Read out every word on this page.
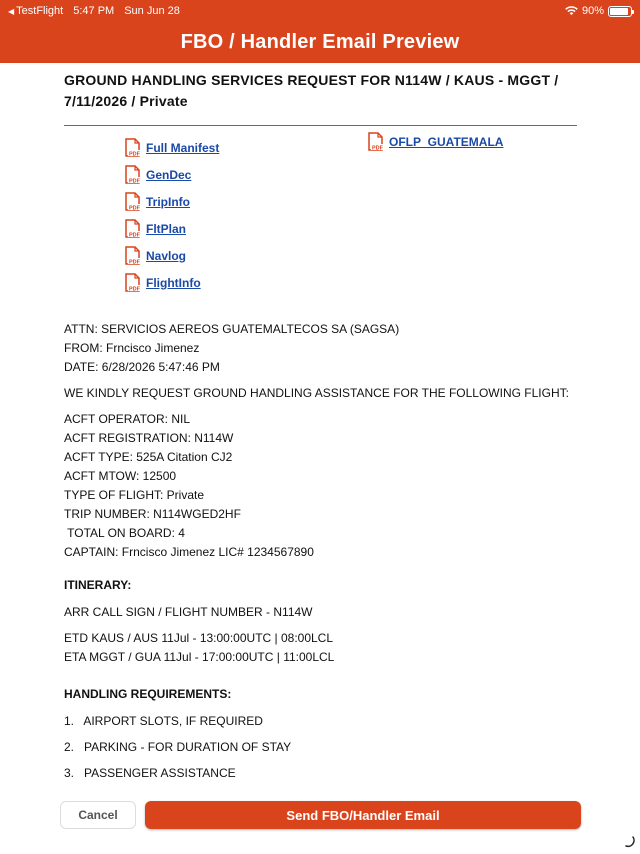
◀ TestFlight 5:47 PM Sun Jun 28	90%
FBO / Handler Email Preview
GROUND HANDLING SERVICES REQUEST FOR N114W / KAUS - MGGT / 7/11/2026 / Private
PDF Full Manifest
PDF GenDec
PDF TripInfo
PDF FltPlan
PDF Navlog
PDF FlightInfo
PDF OFLP_GUATEMALA
ATTN: SERVICIOS AEREOS GUATEMALTECOS SA (SAGSA)
FROM: Frncisco Jimenez
DATE: 6/28/2026 5:47:46 PM
WE KINDLY REQUEST GROUND HANDLING ASSISTANCE FOR THE FOLLOWING FLIGHT:
ACFT OPERATOR: NIL
ACFT REGISTRATION: N114W
ACFT TYPE: 525A Citation CJ2
ACFT MTOW: 12500
TYPE OF FLIGHT: Private
TRIP NUMBER: N114WGED2HF
TOTAL ON BOARD: 4
CAPTAIN: Frncisco Jimenez LIC# 1234567890
ITINERARY:
ARR CALL SIGN / FLIGHT NUMBER - N114W
ETD KAUS / AUS 11Jul - 13:00:00UTC | 08:00LCL
ETA MGGT / GUA 11Jul - 17:00:00UTC | 11:00LCL
HANDLING REQUIREMENTS:
1.   AIRPORT SLOTS, IF REQUIRED
2.   PARKING - FOR DURATION OF STAY
3.   PASSENGER ASSISTANCE
Cancel	Send FBO/Handler Email
